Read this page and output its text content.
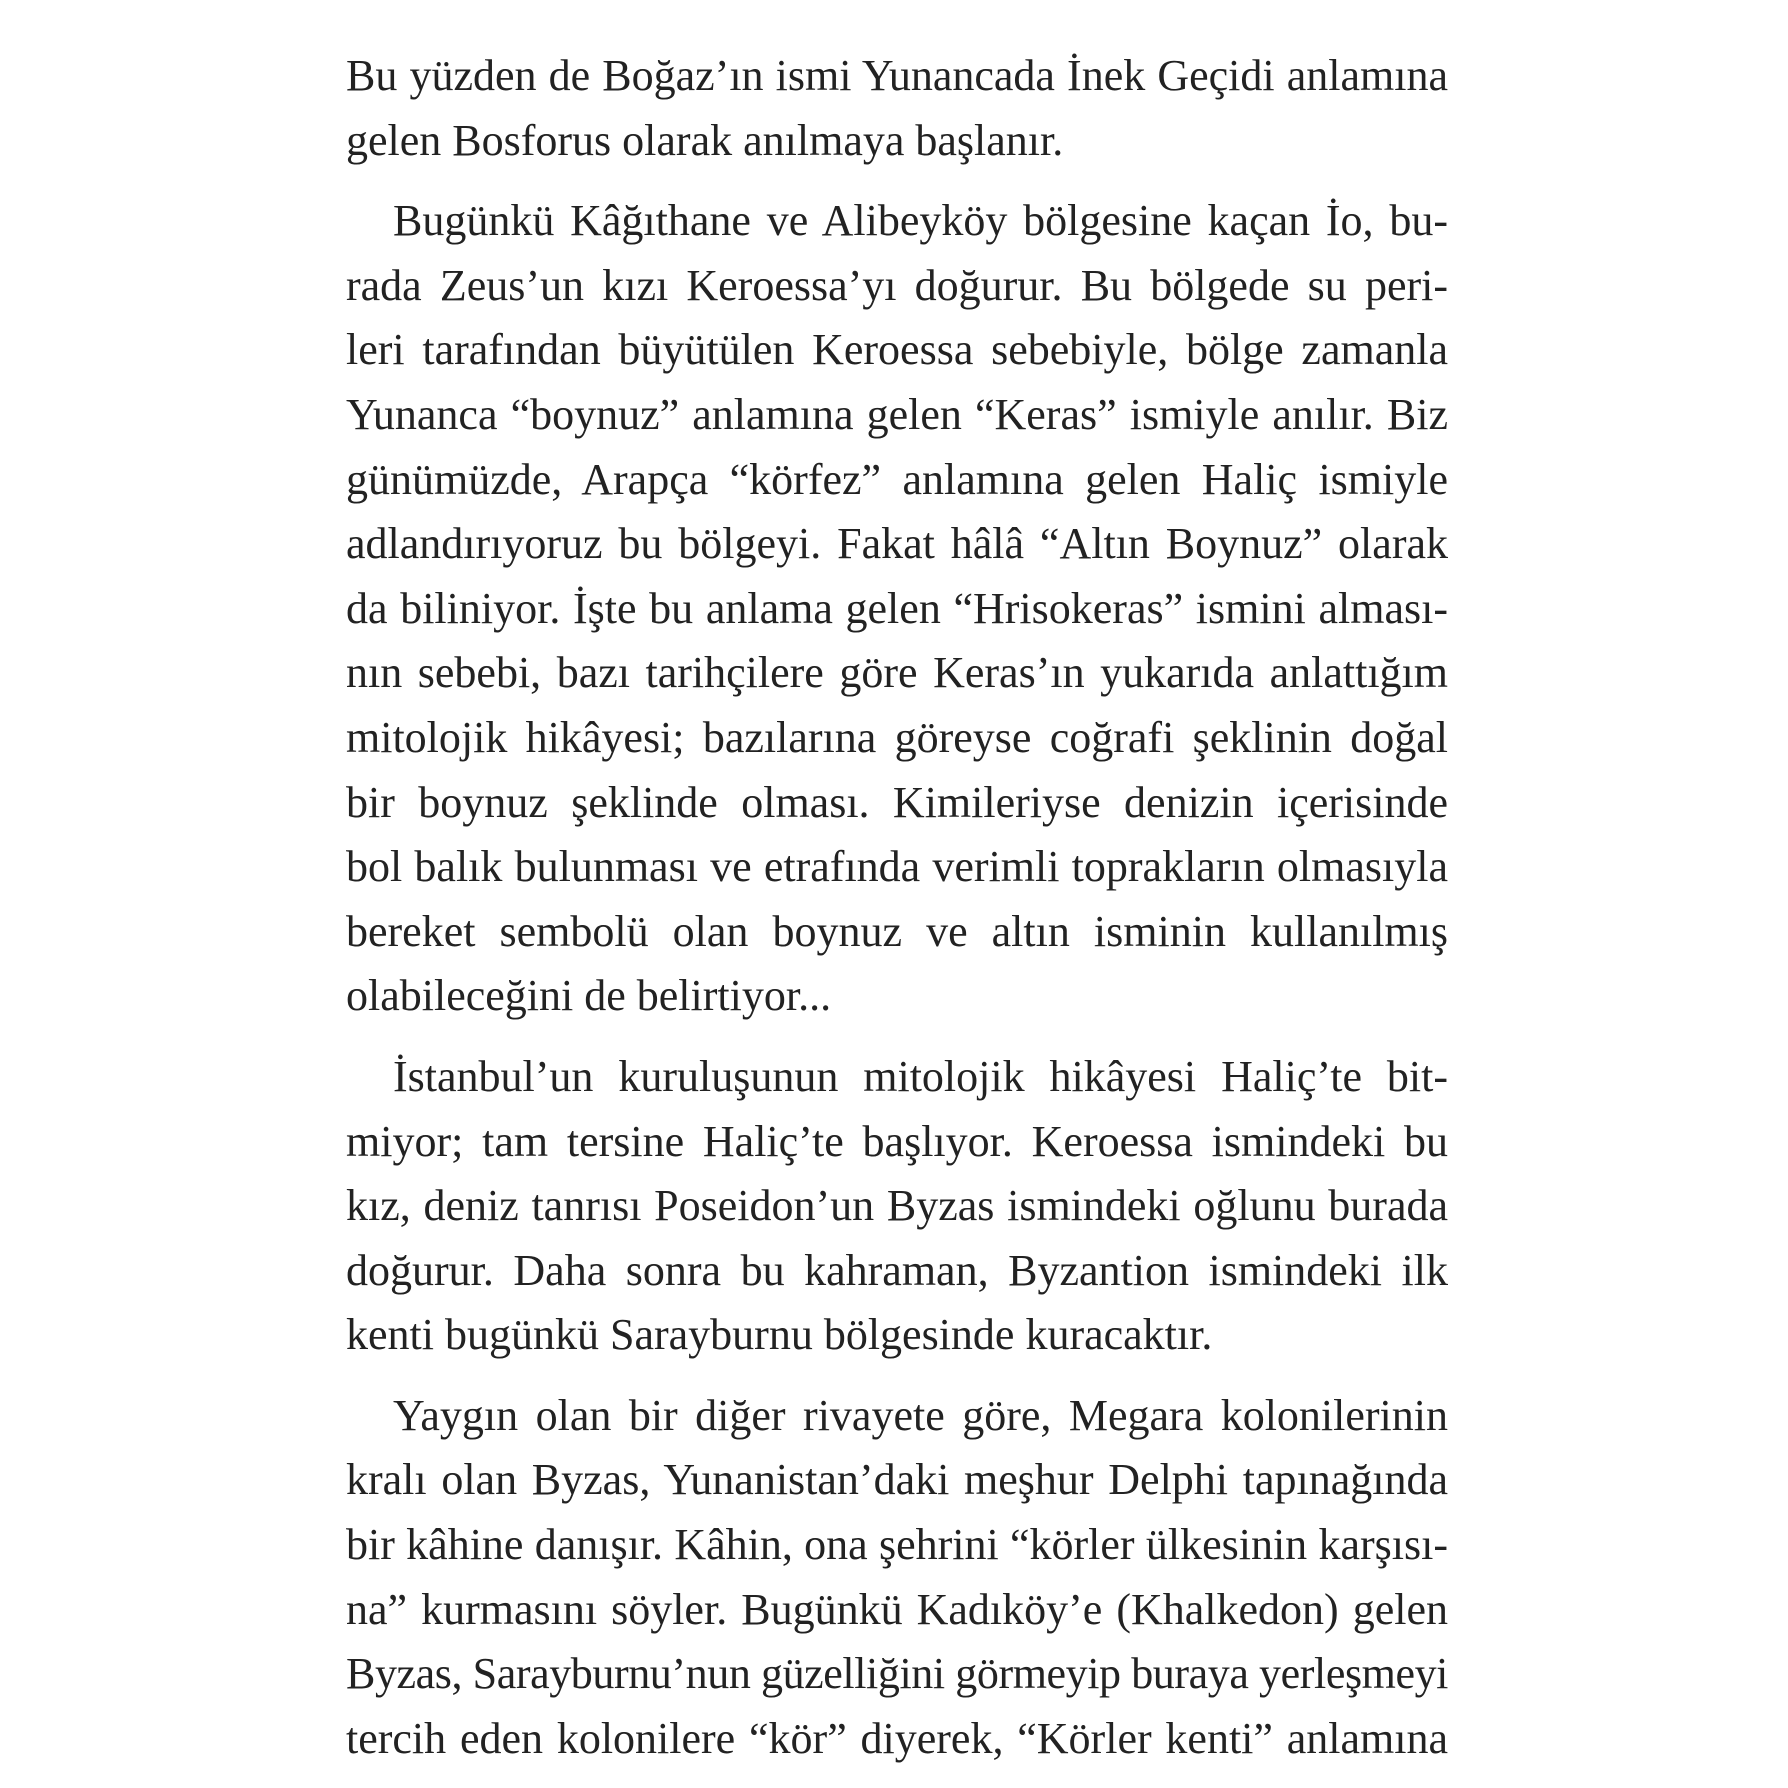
Bu yüzden de Boğaz’ın ismi Yunancada İnek Geçidi anlamına
gelen Bosforus olarak anılmaya başlanır.

Bugünkü Kâğıthane ve Alibeyköy bölgesine kaçan İo, bu-
rada Zeus’un kızı Keroessa’yı doğurur. Bu bölgede su peri-
leri tarafından büyütülen Keroessa sebebiyle, bölge zamanla
Yunanca “boynuz” anlamına gelen “Keras” ismiyle anılır. Biz
günümüzde, Arapça “körfez” anlamına gelen Haliç ismiyle
adlandırıyoruz bu bölgeyi. Fakat hâlâ “Altın Boynuz” olarak
da biliniyor. İşte bu anlama gelen “Hrisokeras” ismini alması-
nın sebebi, bazı tarihçilere göre Keras’ın yukarıda anlattığım
mitolojik hikâyesi; bazılarına göreyse coğrafi şeklinin doğal
bir boynuz şeklinde olması. Kimileriyse denizin içerisinde
bol balık bulunması ve etrafında verimli toprakların olmasıyla
bereket sembolü olan boynuz ve altın isminin kullanılmış
olabileceğini de belirtiyor...

İstanbul’un kuruluşunun mitolojik hikâyesi Haliç’te bit-
miyor; tam tersine Haliç’te başlıyor. Keroessa ismindeki bu
kız, deniz tanrısı Poseidon’un Byzas ismindeki oğlunu burada
doğurur. Daha sonra bu kahraman, Byzantion ismindeki ilk
kenti bugünkü Sarayburnu bölgesinde kuracaktır.

Yaygın olan bir diğer rivayete göre, Megara kolonilerinin
kralı olan Byzas, Yunanistan’daki meşhur Delphi tapınağında
bir kâhine danışır. Kâhin, ona şehrini “körler ülkesinin karşısı-
na” kurmasını söyler. Bugünkü Kadıköy’e (Khalkedon) gelen
Byzas, Sarayburnu’nun güzelliğini görmeyip buraya yerleşmeyi
tercih eden kolonilere “kör” diyerek, “Körler kenti” anlamına
